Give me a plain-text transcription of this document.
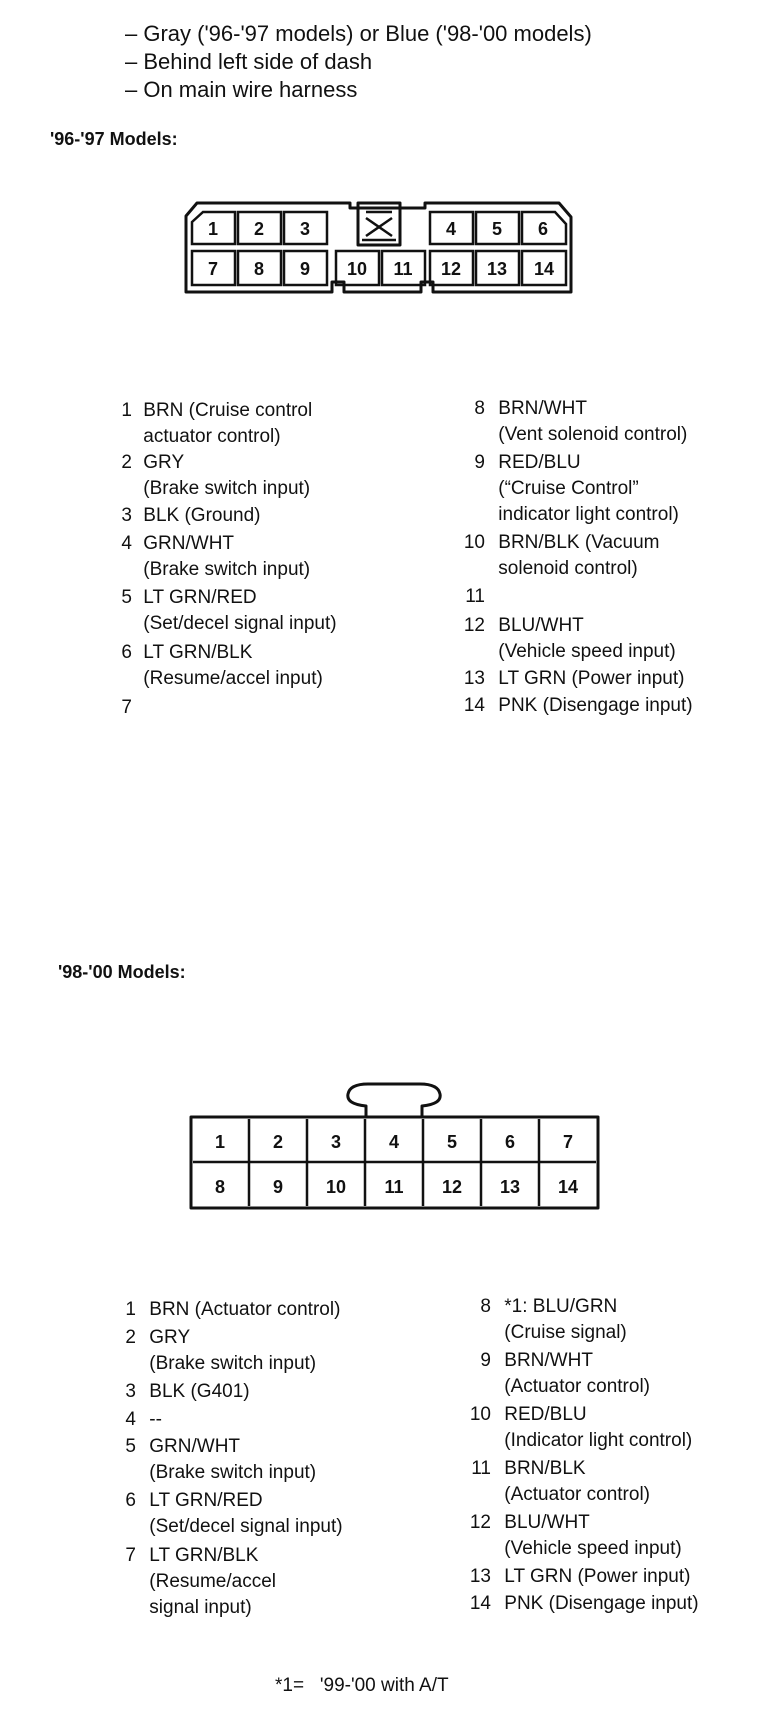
– Gray ('96-'97 models) or Blue ('98-'00 models)
– Behind left side of dash
– On main wire harness
'96-'97 Models:
1 2 3	4 5 6
7 8 9 10 11 12 13 14
1 BRN (Cruise control
actuator control)
2 GRY
(Brake switch input)
3 BLK (Ground)
4 GRN/WHT
(Brake switch input)
5 LT GRN/RED
(Set/decel signal input)
6 LT GRN/BLK
(Resume/accel input)
7
8 BRN/WHT
(Vent solenoid control)
9 RED/BLU
(“Cruise Control”
indicator light control)
10 BRN/BLK (Vacuum
solenoid control)
11
12 BLU/WHT
(Vehicle speed input)
13 LT GRN (Power input)
14 PNK (Disengage input)
'98-'00 Models:
1	2	3	4	5	6	7
8	9 10 11 12 13 14
1 BRN (Actuator control)
2 GRY
(Brake switch input)
3 BLK (G401)
4 --
5 GRN/WHT
(Brake switch input)
6 LT GRN/RED
(Set/decel signal input)
7 LT GRN/BLK
(Resume/accel
signal input)
8 *1: BLU/GRN
(Cruise signal)
9 BRN/WHT
(Actuator control)
10 RED/BLU
(Indicator light control)
11 BRN/BLK
(Actuator control)
12 BLU/WHT
(Vehicle speed input)
13 LT GRN (Power input)
14 PNK (Disengage input)
*1=   '99-'00 with A/T
